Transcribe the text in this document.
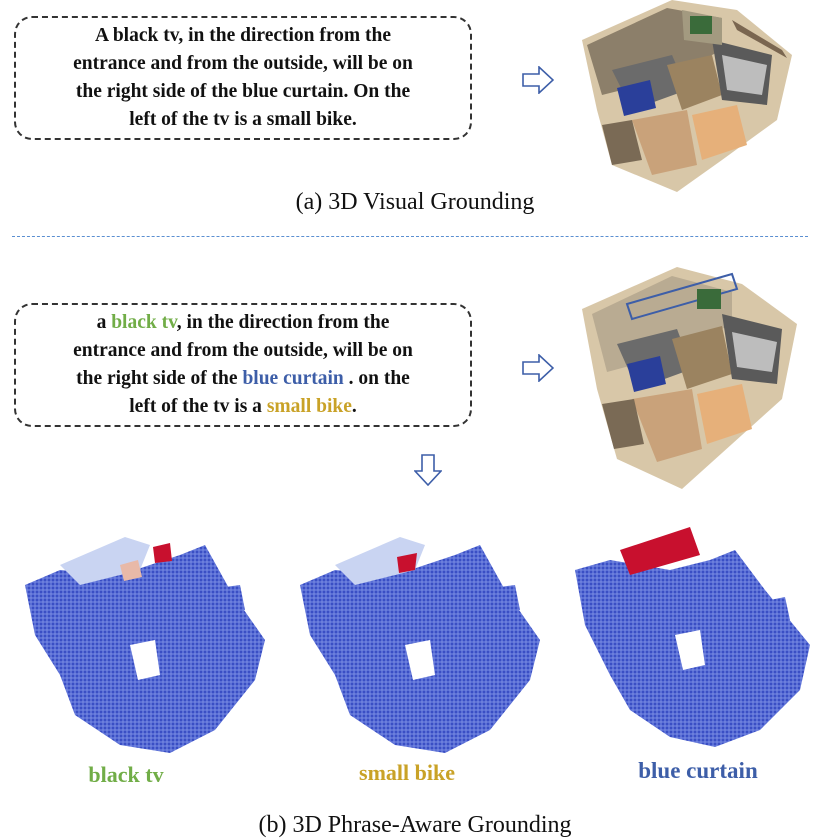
A black tv, in the direction from the
entrance and from the outside, will be on
the right side of the blue curtain. On the
left of the tv is a small bike.
(a) 3D Visual Grounding
a black tv, in the direction from the
entrance and from the outside, will be on
the right side of the blue curtain . on the
left of the tv is a small bike.
black tv	small bike	blue curtain
(b) 3D Phrase-Aware Grounding
